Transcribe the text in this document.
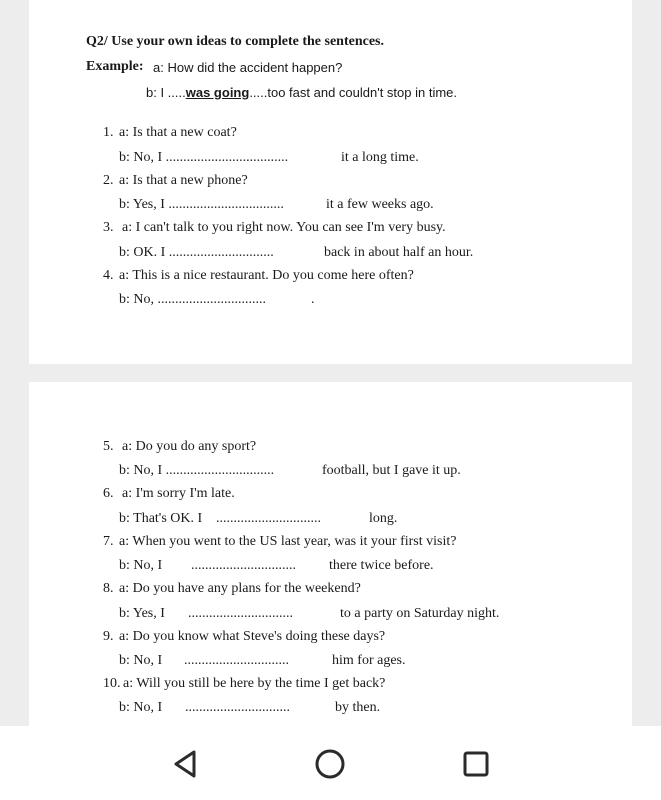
Q2/ Use your own ideas to complete the sentences.
Example: a: How did the accident happen?
b: I .....was going.....too fast and couldn't stop in time.
1. a: Is that a new coat?
b: No, I ...................................	it a long time.
2. a: Is that a new phone?
b: Yes, I .................................	it a few weeks ago.
3. a: I can't talk to you right now. You can see I'm very busy.
b: OK. I ..............................	back in about half an hour.
4. a: This is a nice restaurant. Do you come here often?
b: No, ...............................	.
5. a: Do you do any sport?
b: No, I ...............................	football, but I gave it up.
6. a: I'm sorry I'm late.
b: That's OK. I ..............................	long.
7. a: When you went to the US last year, was it your first visit?
b: No, I .............................. there twice before.
8. a: Do you have any plans for the weekend?
b: Yes, I ..............................	to a party on Saturday night.
9. a: Do you know what Steve's doing these days?
b: No, I ..............................	him for ages.
10. a: Will you still be here by the time I get back?
b: No, I ..............................	by then.
